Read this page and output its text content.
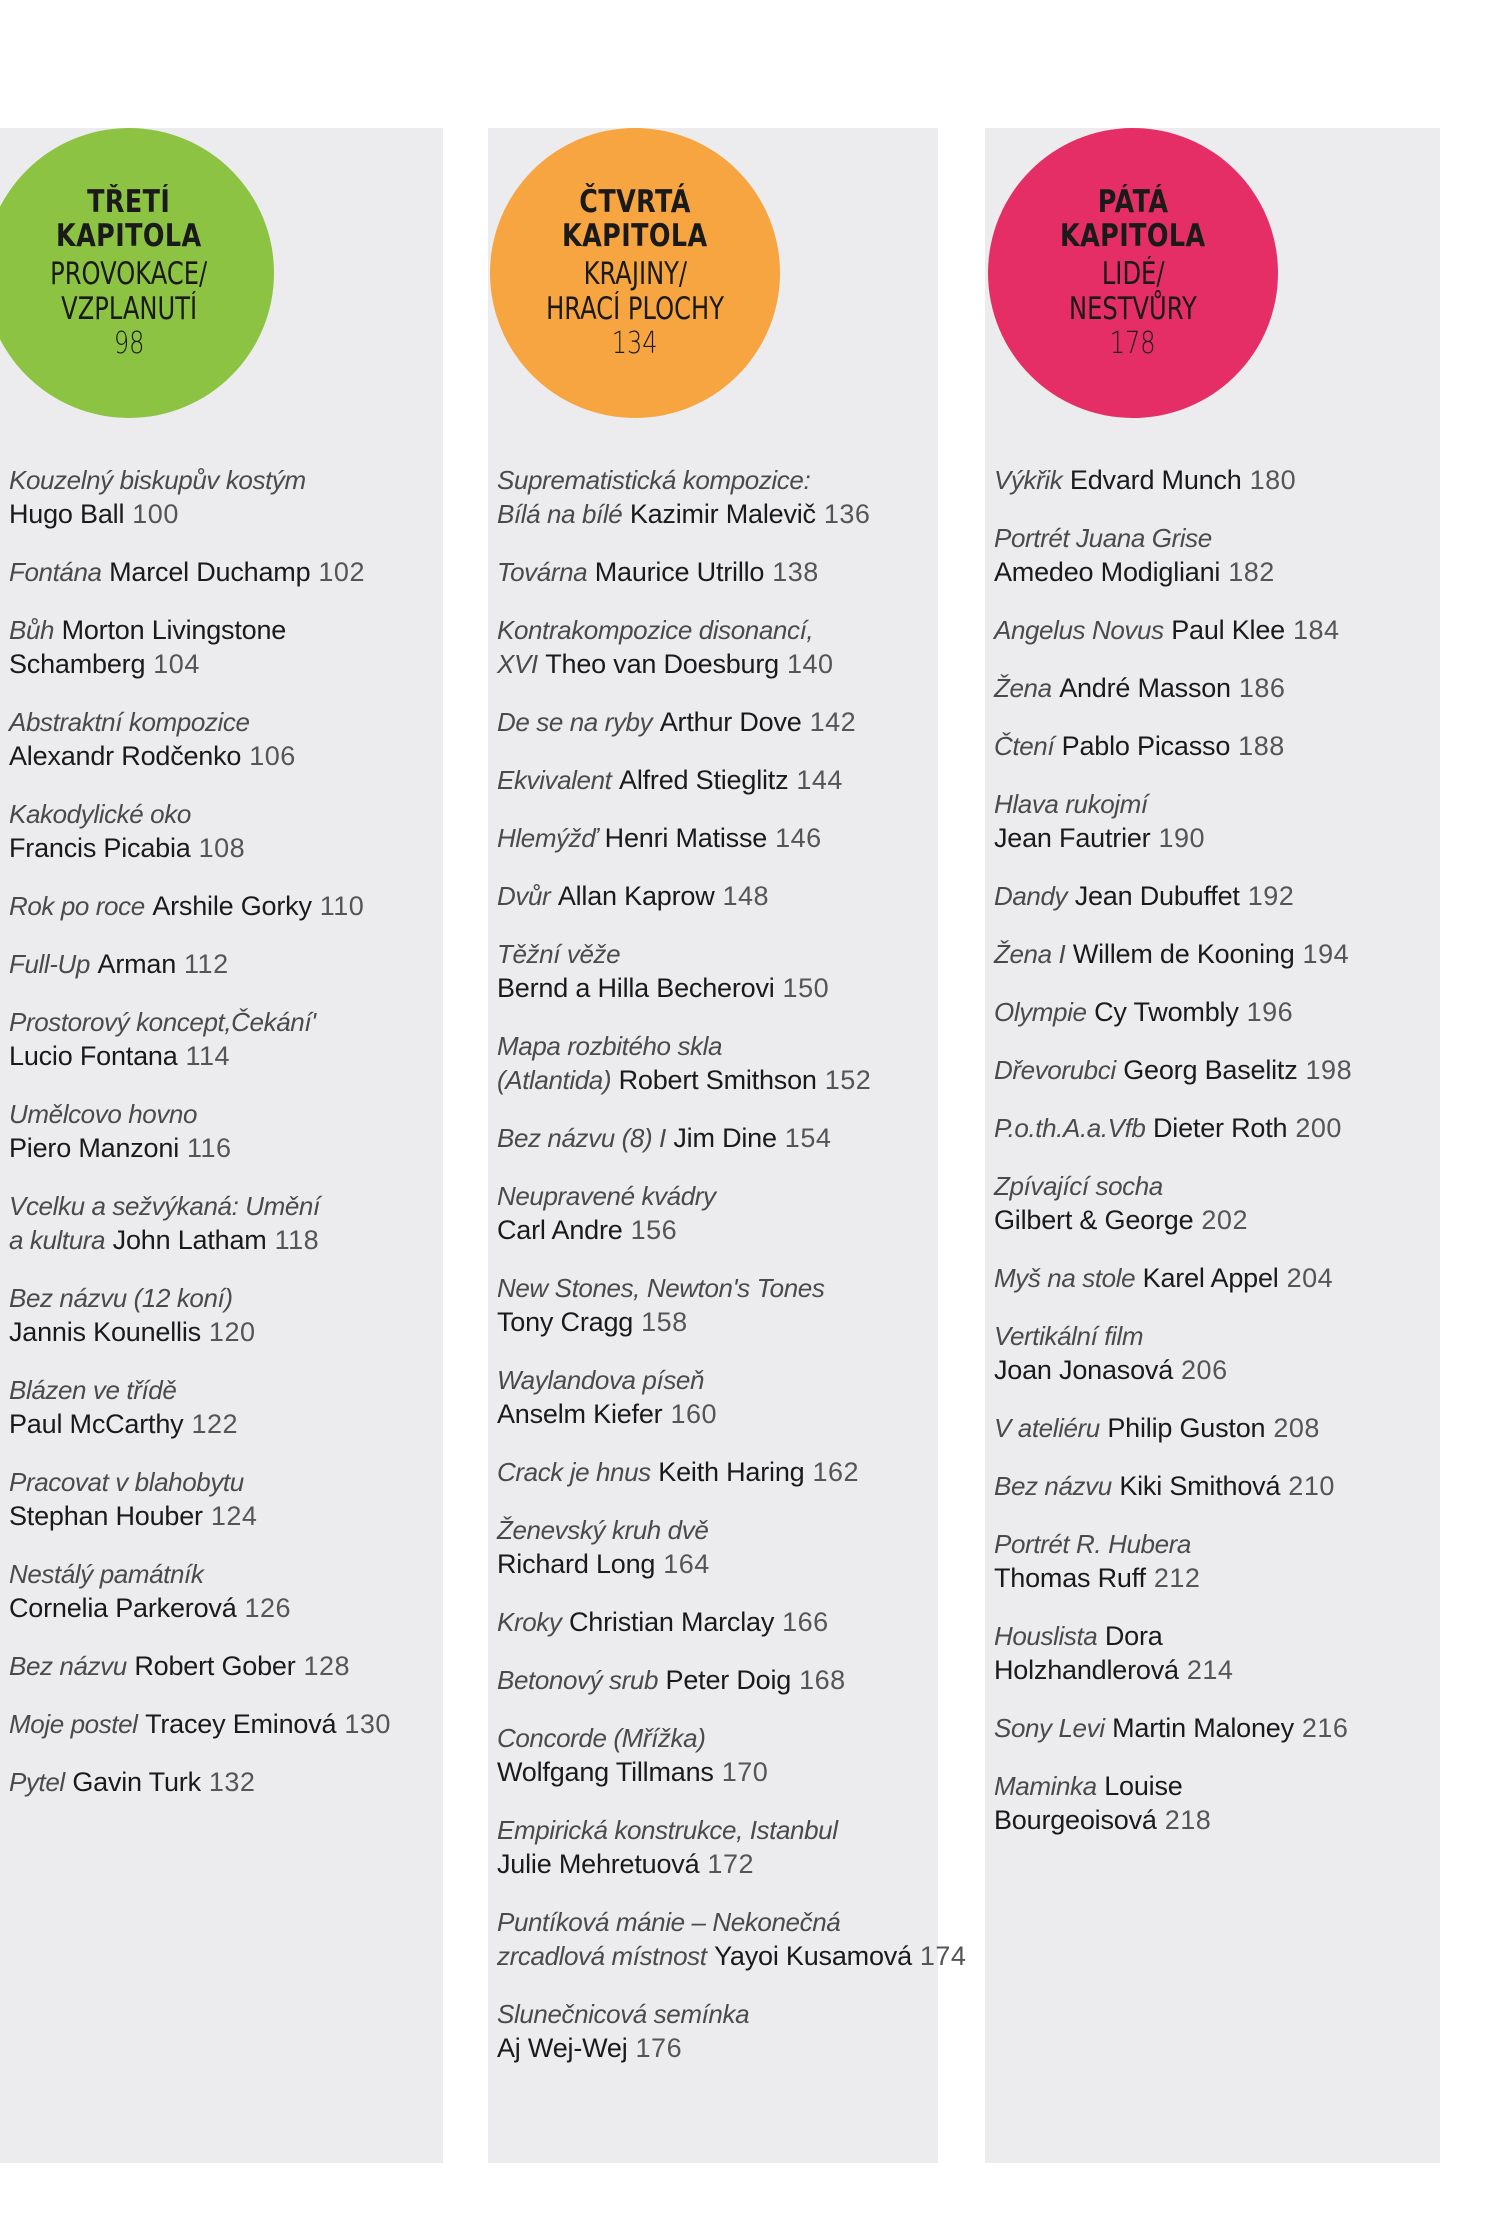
TŘETÍ
KAPITOLA
PROVOKACE/
VZPLANUTÍ
98
Kouzelný biskupův kostým
Hugo Ball 100
Fontána Marcel Duchamp 102
Bůh Morton Livingstone
Schamberg 104
Abstraktní kompozice
Alexandr Rodčenko 106
Kakodylické oko
Francis Picabia 108
Rok po roce Arshile Gorky 110
Full-Up Arman 112
Prostorový koncept,Čekání'
Lucio Fontana 114
Umělcovo hovno
Piero Manzoni 116
Vcelku a sežvýkaná: Umění
a kultura John Latham 118
Bez názvu (12 koní)
Jannis Kounellis 120
Blázen ve třídě
Paul McCarthy 122
Pracovat v blahobytu
Stephan Houber 124
Nestálý památník
Cornelia Parkerová 126
Bez názvu Robert Gober 128
Moje postel Tracey Eminová 130
Pytel Gavin Turk 132
ČTVRTÁ
KAPITOLA
KRAJINY/
HRACÍ PLOCHY
134
Suprematistická kompozice:
Bílá na bílé Kazimir Malevič 136
Továrna Maurice Utrillo 138
Kontrakompozice disonancí,
XVI Theo van Doesburg 140
De se na ryby Arthur Dove 142
Ekvivalent Alfred Stieglitz 144
Hlemýžď Henri Matisse 146
Dvůr Allan Kaprow 148
Těžní věže
Bernd a Hilla Becherovi 150
Mapa rozbitého skla
(Atlantida) Robert Smithson 152
Bez názvu (8) I Jim Dine 154
Neupravené kvádry
Carl Andre 156
New Stones, Newton's Tones
Tony Cragg 158
Waylandova píseň
Anselm Kiefer 160
Crack je hnus Keith Haring 162
Ženevský kruh dvě
Richard Long 164
Kroky Christian Marclay 166
Betonový srub Peter Doig 168
Concorde (Mřížka)
Wolfgang Tillmans 170
Empirická konstrukce, Istanbul
Julie Mehretuová 172
Puntíková mánie – Nekonečná
zrcadlová místnost Yayoi Kusamová 174
Slunečnicová semínka
Aj Wej-Wej 176
PÁTÁ
KAPITOLA
LIDÉ/
NESTVŮRY
178
Výkřik Edvard Munch 180
Portrét Juana Grise
Amedeo Modigliani 182
Angelus Novus Paul Klee 184
Žena André Masson 186
Čtení Pablo Picasso 188
Hlava rukojmí
Jean Fautrier 190
Dandy Jean Dubuffet 192
Žena I Willem de Kooning 194
Olympie Cy Twombly 196
Dřevorubci Georg Baselitz 198
P.o.th.A.a.Vfb Dieter Roth 200
Zpívající socha
Gilbert & George 202
Myš na stole Karel Appel 204
Vertikální film
Joan Jonasová 206
V ateliéru Philip Guston 208
Bez názvu Kiki Smithová 210
Portrét R. Hubera
Thomas Ruff 212
Houslista Dora
Holzhandlerová 214
Sony Levi Martin Maloney 216
Maminka Louise
Bourgeoisová 218
